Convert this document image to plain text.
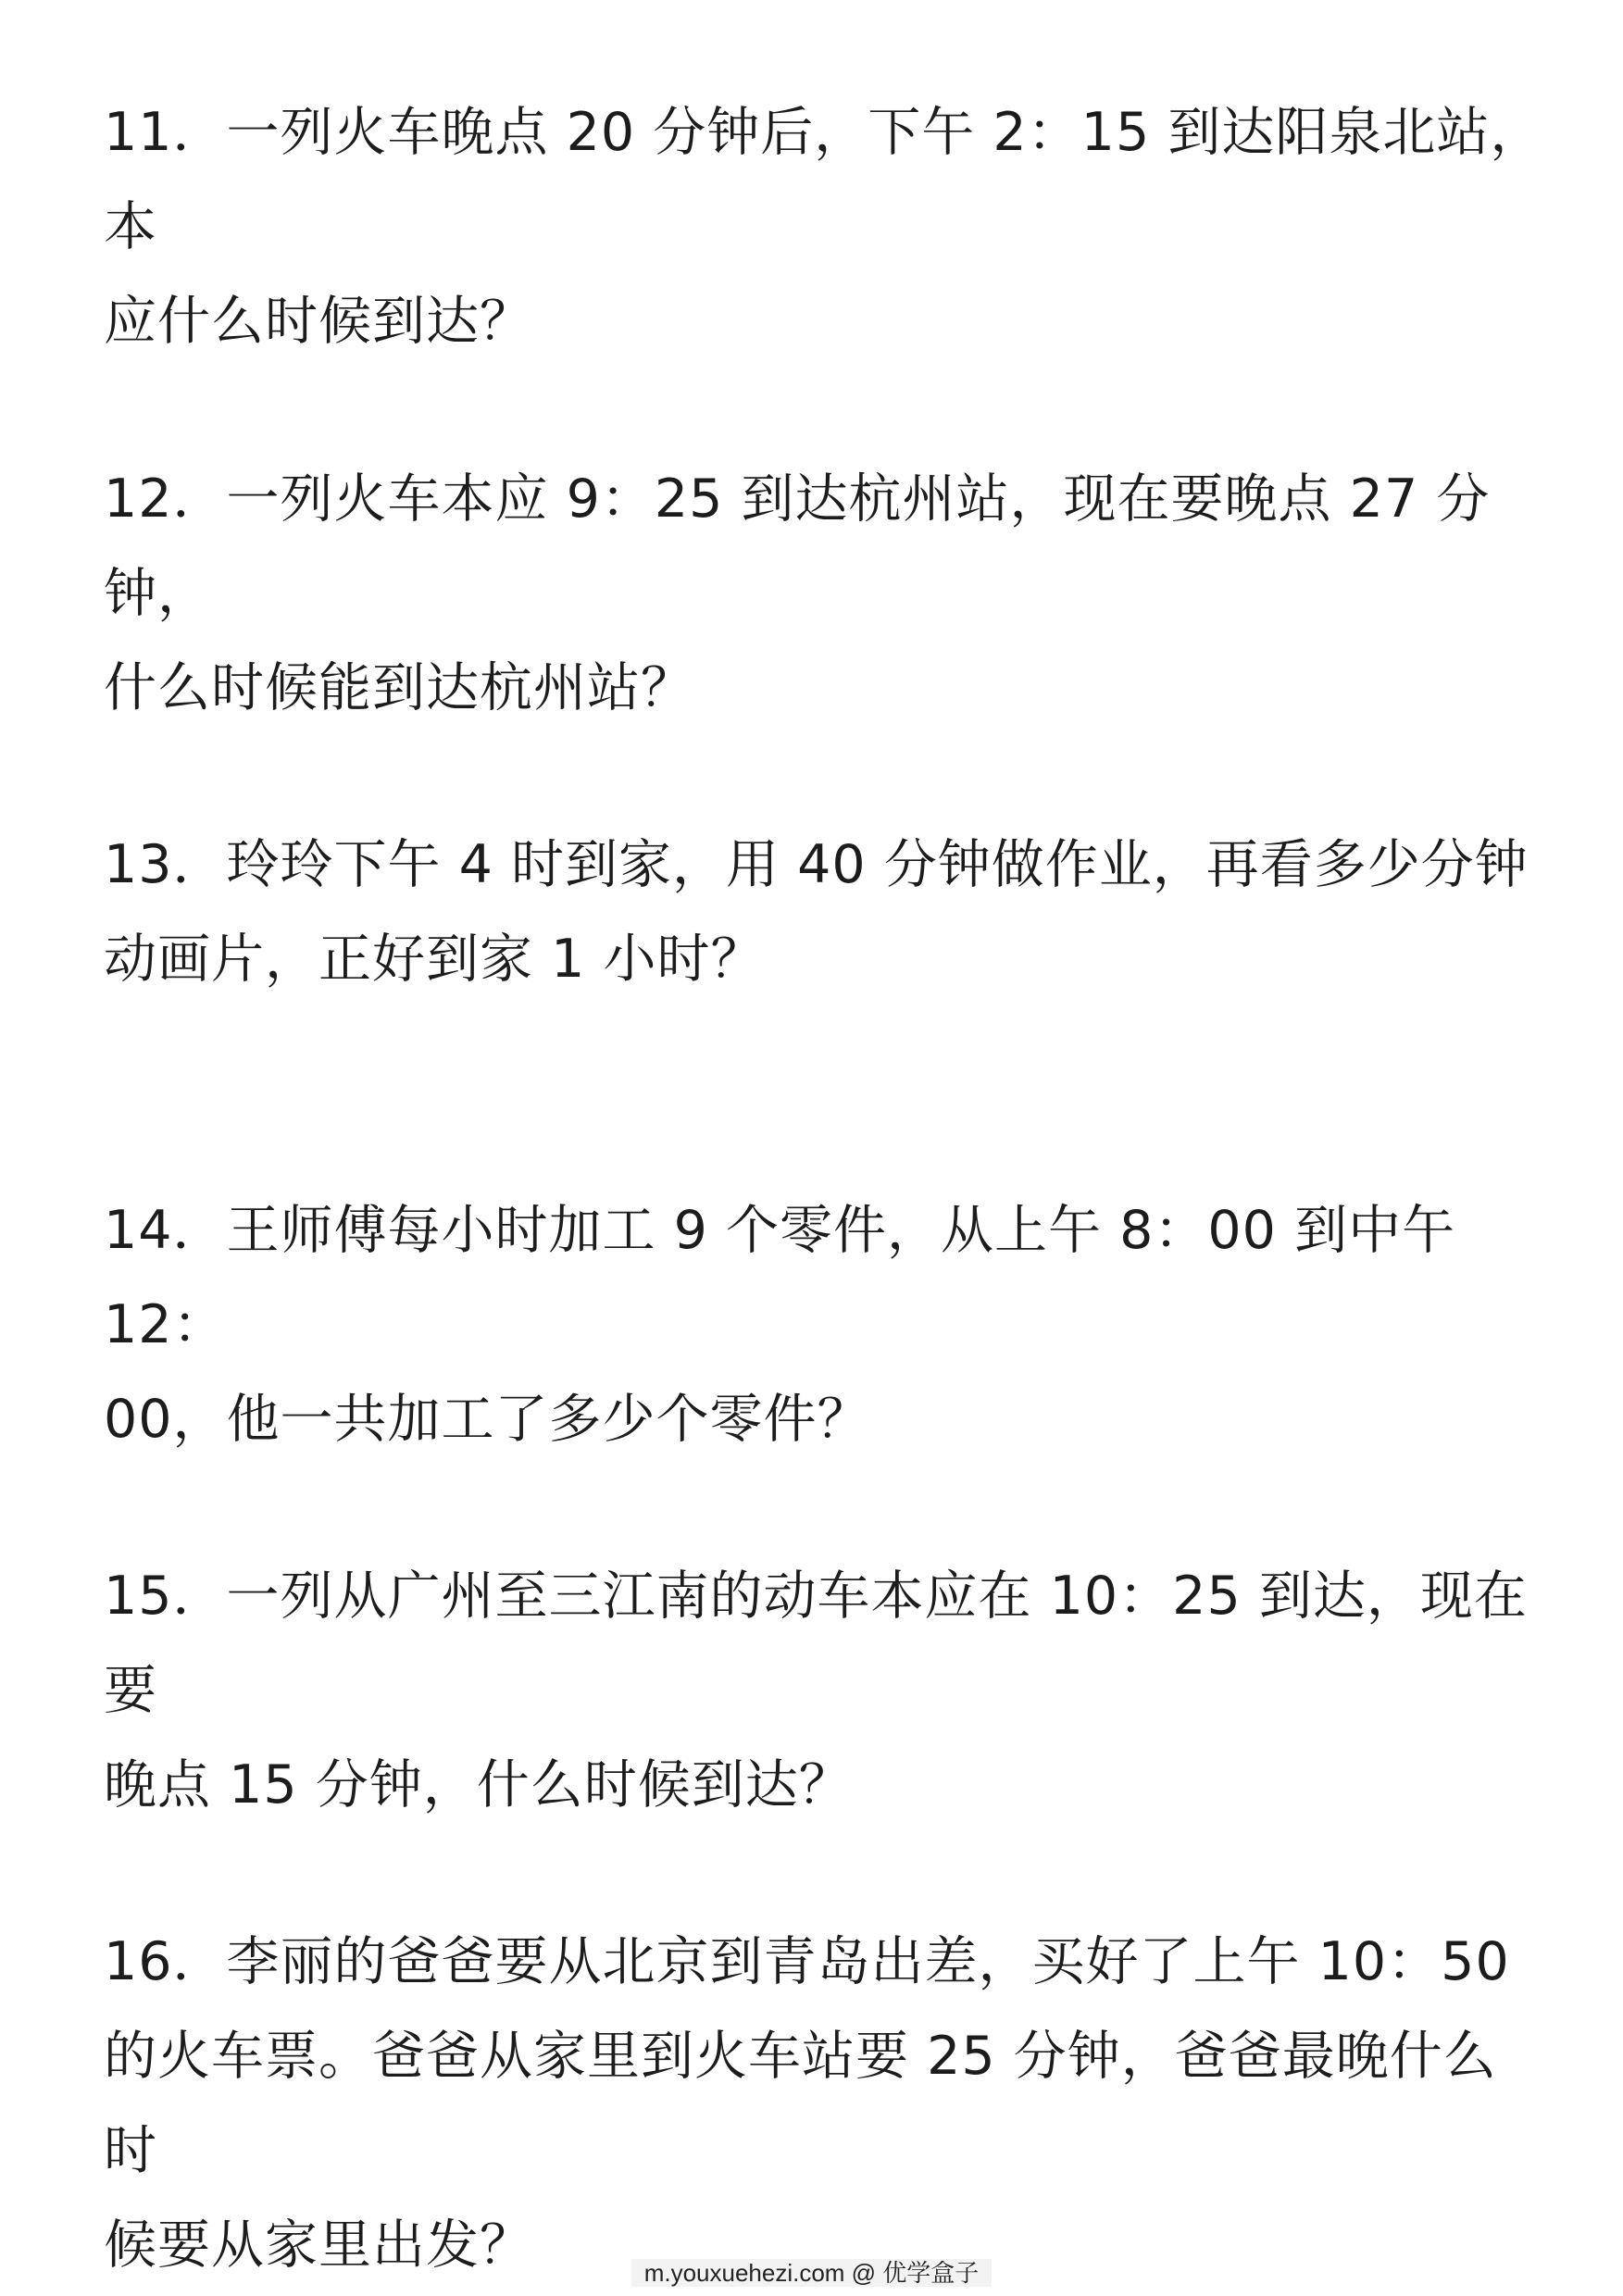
11．一列火车晚点 20 分钟后，下午 2：15 到达阳泉北站，本
应什么时候到达？

12．一列火车本应 9：25 到达杭州站，现在要晚点 27 分钟，
什么时候能到达杭州站？

13．玲玲下午 4 时到家，用 40 分钟做作业，再看多少分钟
动画片，正好到家 1 小时？

14．王师傅每小时加工 9 个零件，从上午 8：00 到中午 12：
00，他一共加工了多少个零件？

15．一列从广州至三江南的动车本应在 10：25 到达，现在要
晚点 15 分钟，什么时候到达？

16．李丽的爸爸要从北京到青岛出差，买好了上午 10：50
的火车票。爸爸从家里到火车站要 25 分钟，爸爸最晚什么时
候要从家里出发？	m.youxuehezi.com @ 优学盒子
